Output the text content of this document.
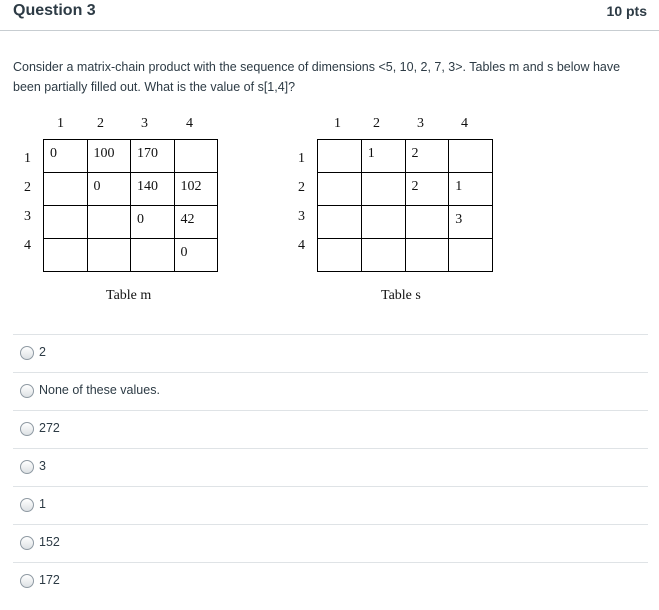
Question 3	10 pts
Consider a matrix-chain product with the sequence of dimensions <5, 10, 2, 7, 3>. Tables m and s below have
been partially filled out. What is the value of s[1,4]?
1 2	3	4
1
2
3
4
0	100	170	
	0	140	102
		0	42
			0
Table m
1 2	3	4
1
2
3
4
	1	2	
		2	1
			3

Table s
2
None of these values.
272
3
1
152
172
